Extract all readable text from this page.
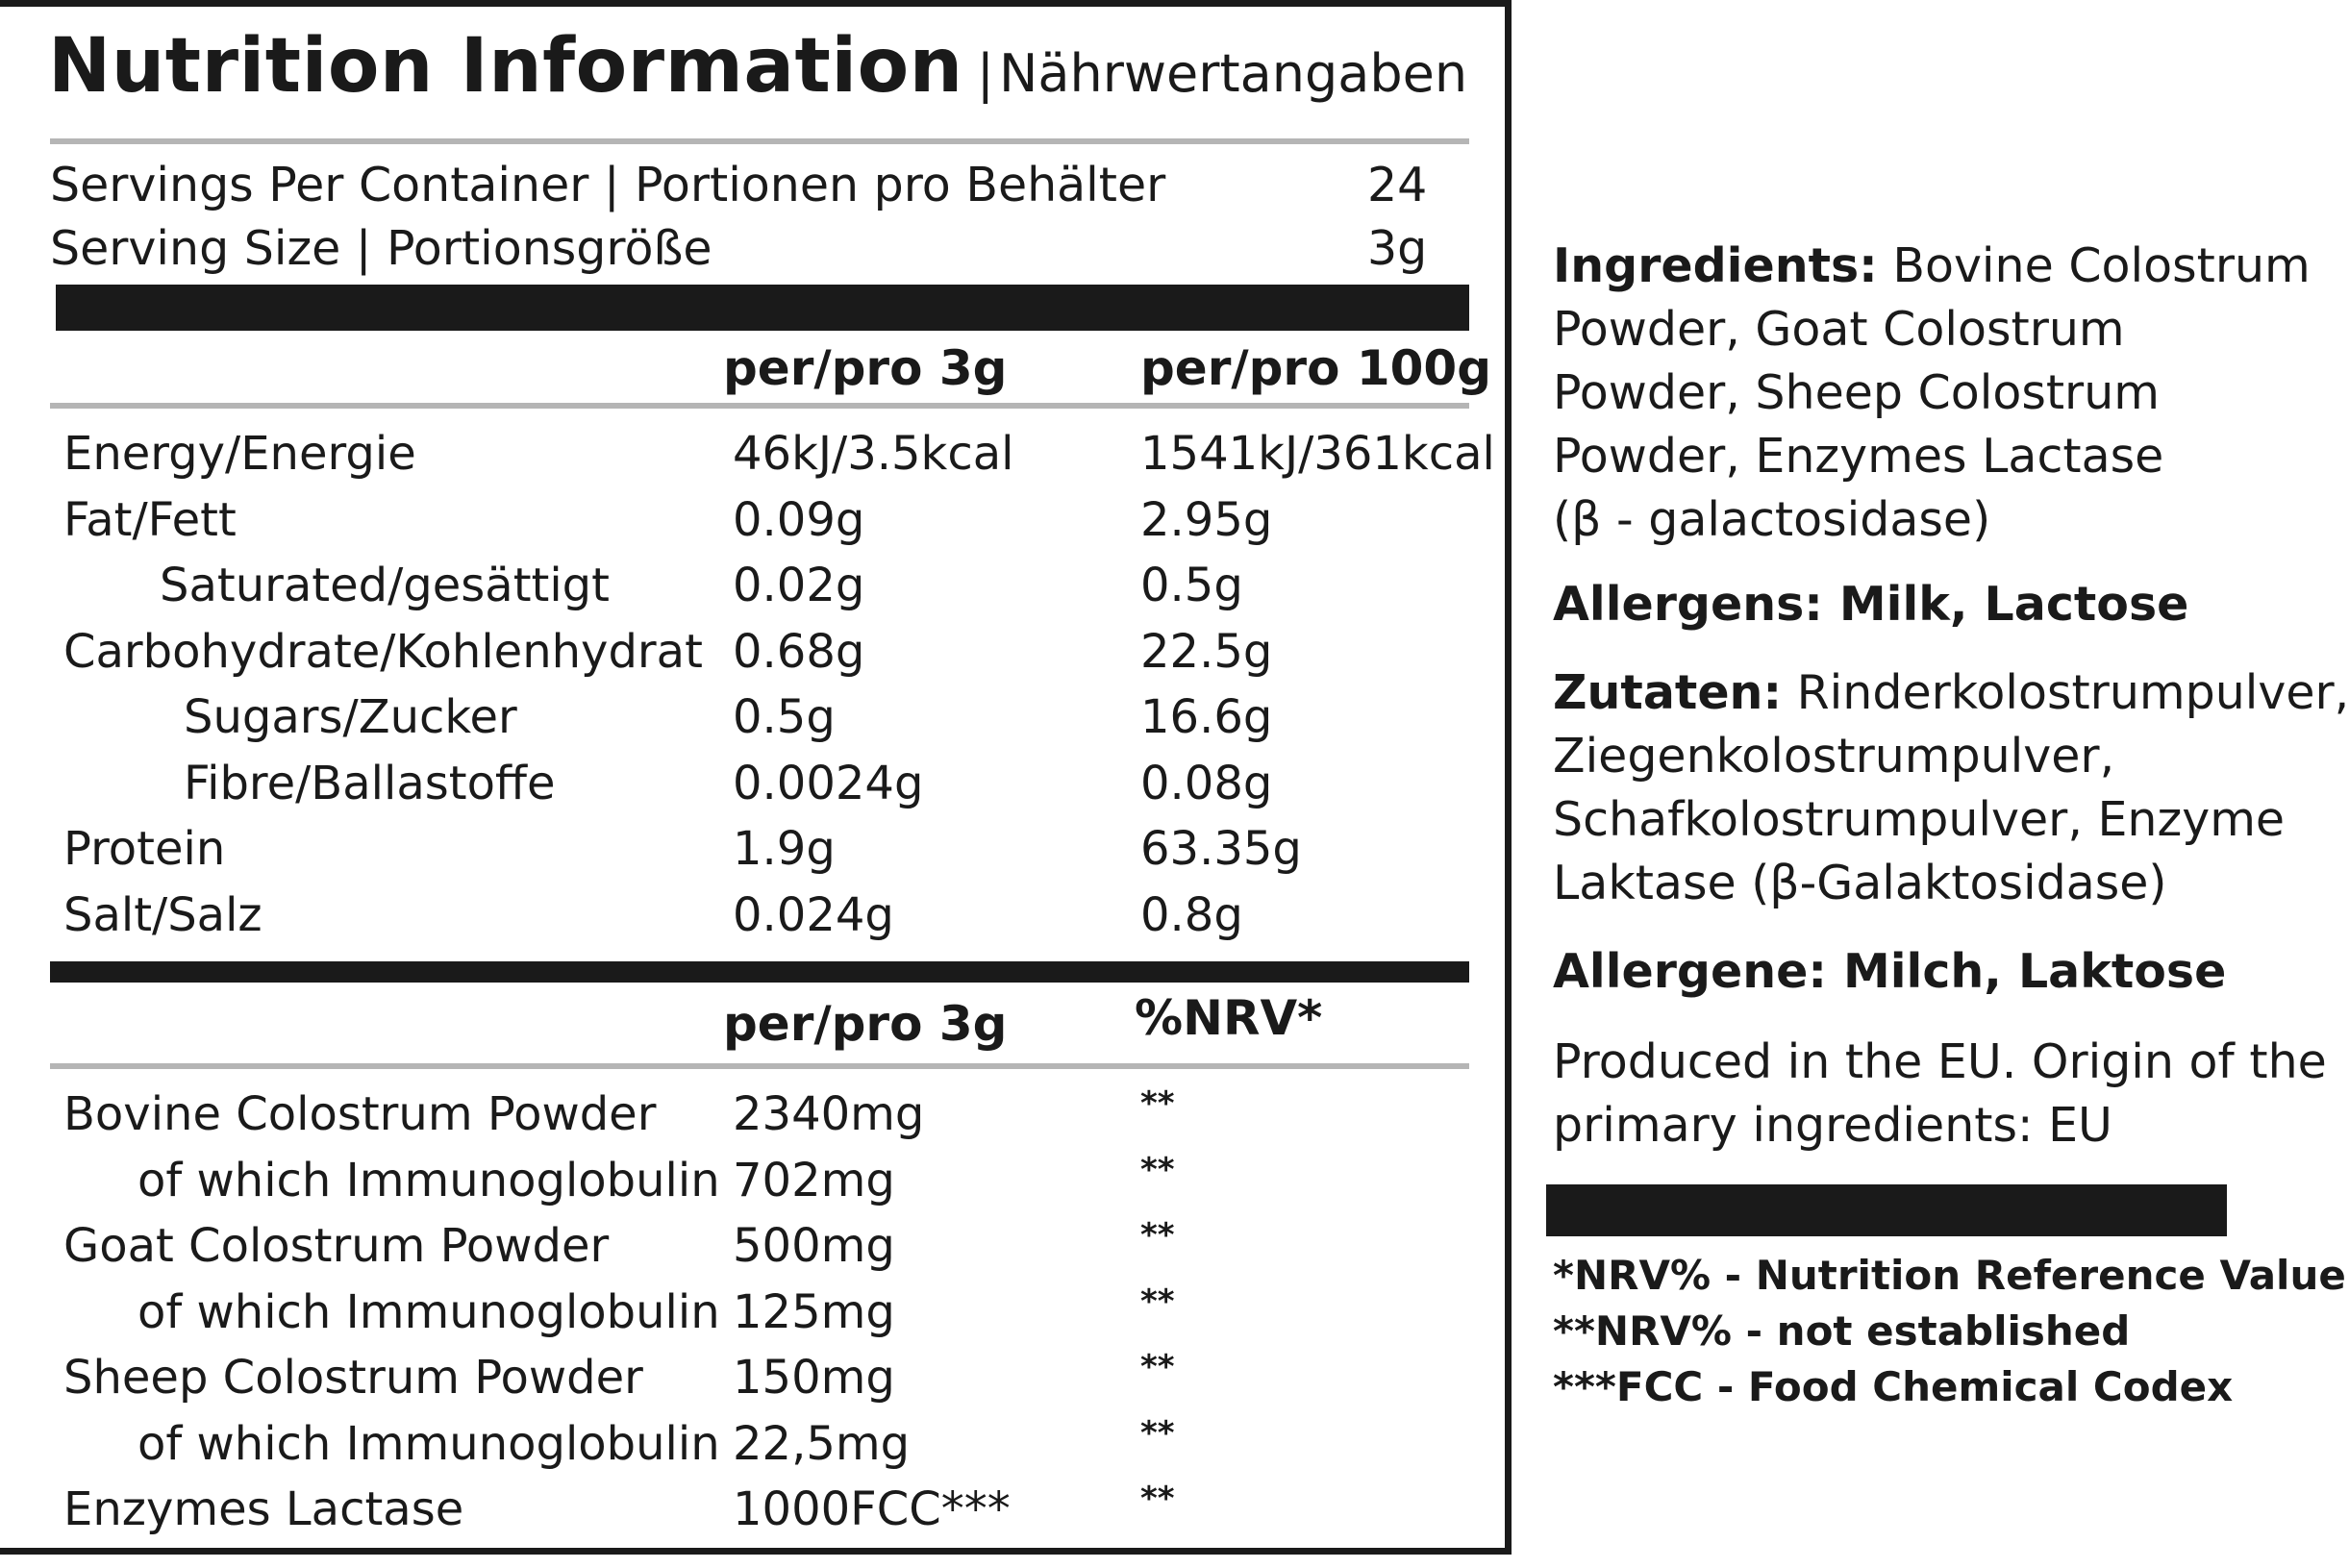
Nutrition Information | Nährwertangaben
Servings Per Container | Portionen pro Behälter	24
Serving Size | Portionsgröße	3g
per/pro 3g	per/pro 100g
Energy/Energie	46kJ/3.5kcal	1541kJ/361kcal
Fat/Fett	0.09g	2.95g
Saturated/gesättigt	0.02g	0.5g
Carbohydrate/Kohlenhydrat 0.68g	22.5g
Sugars/Zucker	0.5g	16.6g
Fibre/Ballastoffe	0.0024g	0.08g
Protein	1.9g	63.35g
Salt/Salz	0.024g	0.8g
per/pro 3g	%NRV*
Bovine Colostrum Powder 2340mg	**
of which Immunoglobulin 702mg	**
Goat Colostrum Powder	500mg	**
of which Immunoglobulin 125mg	**
Sheep Colostrum Powder 150mg	**
of which Immunoglobulin 22,5mg	**
Enzymes Lactase	1000FCC***	**
Ingredients: Bovine Colostrum
Powder, Goat Colostrum
Powder, Sheep Colostrum
Powder, Enzymes Lactase
(β - galactosidase)
Allergens: Milk, Lactose
Zutaten: Rinderkolostrumpulver,
Ziegenkolostrumpulver,
Schafkolostrumpulver, Enzyme
Laktase (β-Galaktosidase)
Allergene: Milch, Laktose
Produced in the EU. Origin of the
primary ingredients: EU
*NRV% - Nutrition Reference Value
**NRV% - not established
***FCC - Food Chemical Codex
